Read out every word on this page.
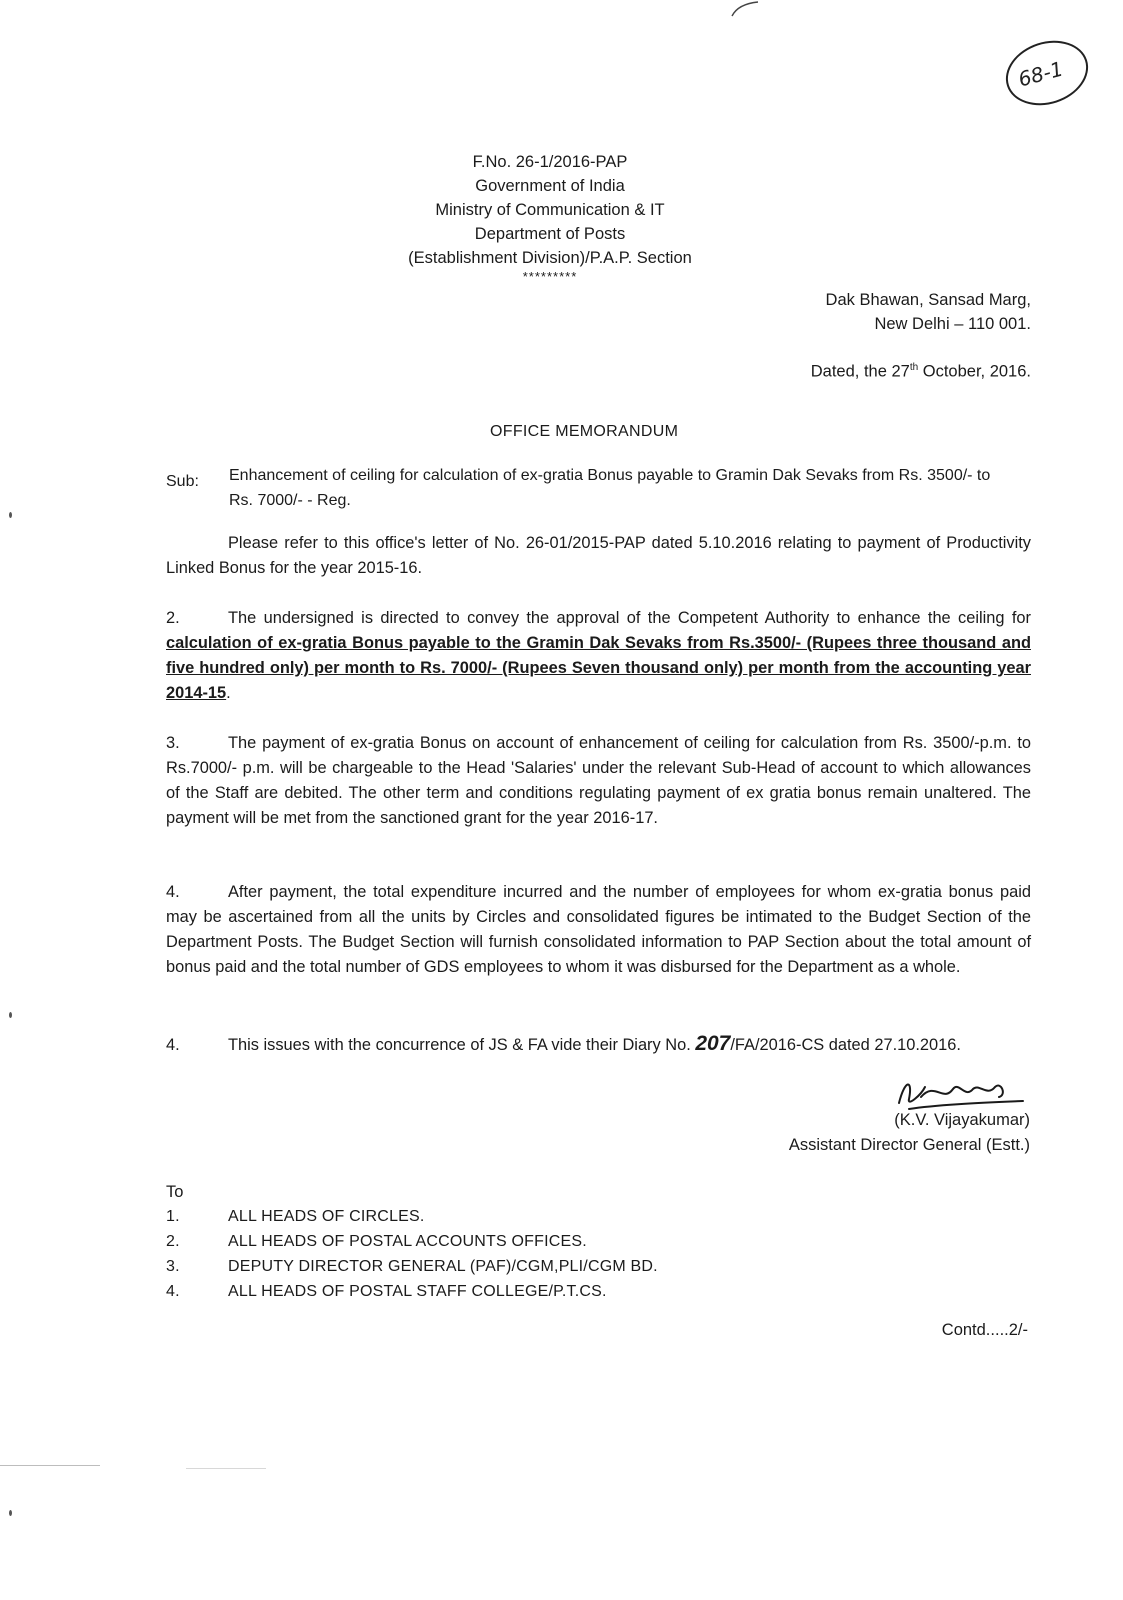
68-1
F.No. 26-1/2016-PAP
Government of India
Ministry of Communication & IT
Department of Posts
(Establishment Division)/P.A.P. Section
*********
Dak Bhawan, Sansad Marg,
New Delhi – 110 001.
Dated, the 27th October, 2016.
OFFICE MEMORANDUM
Sub: Enhancement of ceiling for calculation of ex-gratia Bonus payable to Gramin Dak Sevaks from Rs. 3500/- to Rs. 7000/- - Reg.
Please refer to this office's letter of No. 26-01/2015-PAP dated 5.10.2016 relating to payment of Productivity Linked Bonus for the year 2015-16.
2.	The undersigned is directed to convey the approval of the Competent Authority to enhance the ceiling for calculation of ex-gratia Bonus payable to the Gramin Dak Sevaks from Rs.3500/- (Rupees three thousand and five hundred only) per month to Rs. 7000/- (Rupees Seven thousand only) per month from the accounting year 2014-15.
3.	The payment of ex-gratia Bonus on account of enhancement of ceiling for calculation from Rs. 3500/-p.m. to Rs.7000/- p.m. will be chargeable to the Head 'Salaries' under the relevant Sub-Head of account to which allowances of the Staff are debited. The other term and conditions regulating payment of ex gratia bonus remain unaltered. The payment will be met from the sanctioned grant for the year 2016-17.
4.	After payment, the total expenditure incurred and the number of employees for whom ex-gratia bonus paid may be ascertained from all the units by Circles and consolidated figures be intimated to the Budget Section of the Department Posts. The Budget Section will furnish consolidated information to PAP Section about the total amount of bonus paid and the total number of GDS employees to whom it was disbursed for the Department as a whole.
4.	This issues with the concurrence of JS & FA vide their Diary No. 207/FA/2016-CS dated 27.10.2016.
(K.V. Vijayakumar)
Assistant Director General (Estt.)
To
1.	ALL HEADS OF CIRCLES.
2.	ALL HEADS OF POSTAL ACCOUNTS OFFICES.
3.	DEPUTY DIRECTOR GENERAL (PAF)/CGM,PLI/CGM BD.
4.	ALL HEADS OF POSTAL STAFF COLLEGE/P.T.CS.
Contd.....2/-
